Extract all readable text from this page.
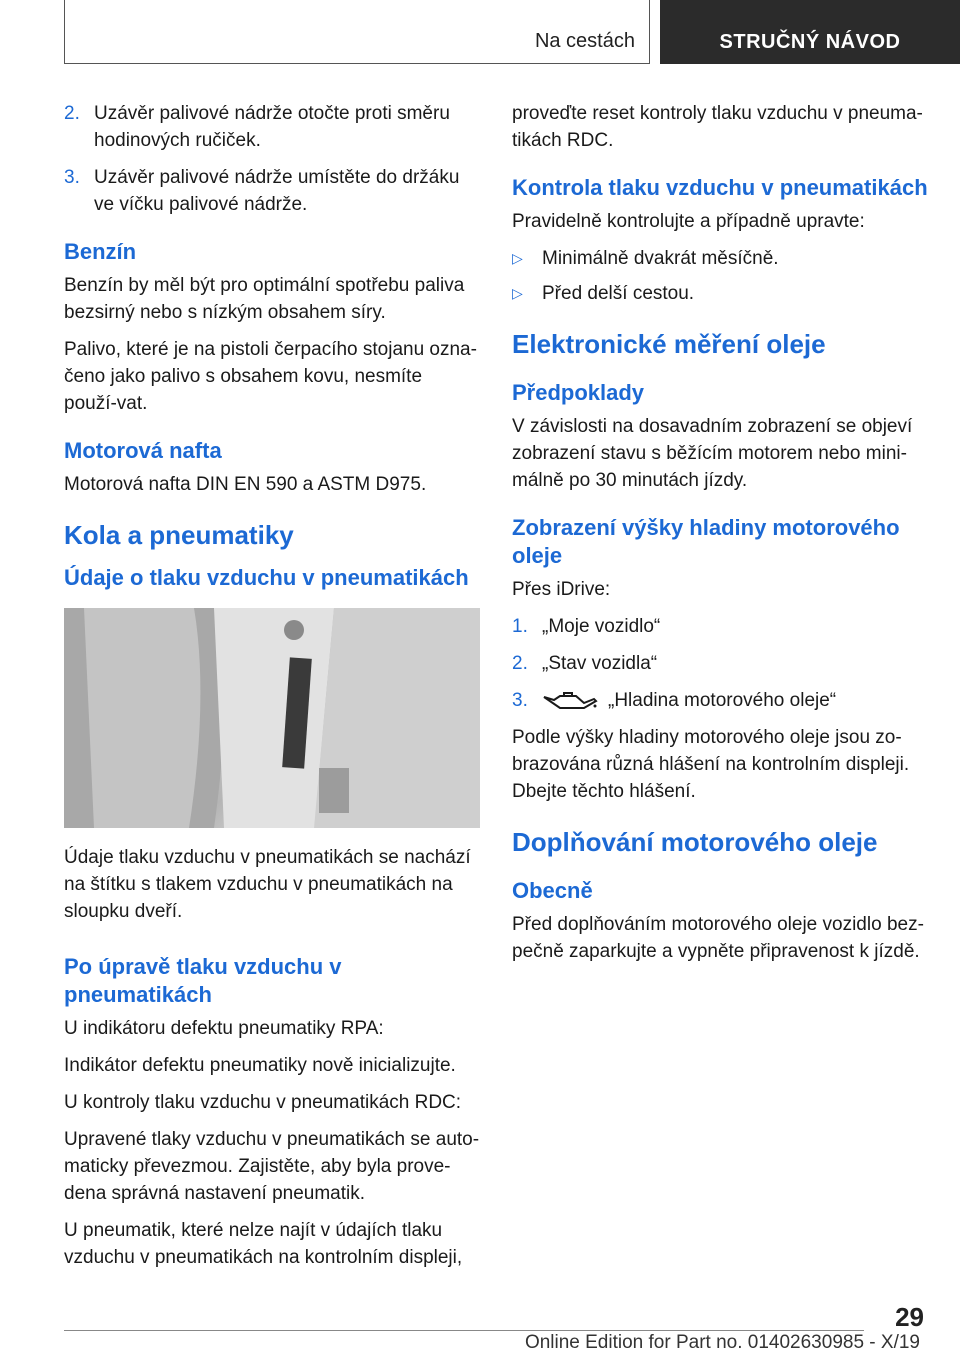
Na cestách	STRUČNÝ NÁVOD
2. Uzávěr palivové nádrže otočte proti směru hodinových ručiček.
3. Uzávěr palivové nádrže umístěte do držáku ve víčku palivové nádrže.
Benzín

Benzín by měl být pro optimální spotřebu paliva bezsirný nebo s nízkým obsahem síry.

Palivo, které je na pistoli čerpacího stojanu ozna‐čeno jako palivo s obsahem kovu, nesmíte použí‐vat.

Motorová nafta

Motorová nafta DIN EN 590 a ASTM D975.

Kola a pneumatiky
Údaje o tlaku vzduchu v pneumatikách

Údaje tlaku vzduchu v pneumatikách se nachází na štítku s tlakem vzduchu v pneumatikách na sloupku dveří.

Po úpravě tlaku vzduchu v pneumatikách

U indikátoru defektu pneumatiky RPA:

Indikátor defektu pneumatiky nově inicializujte.

U kontroly tlaku vzduchu v pneumatikách RDC:

Upravené tlaky vzduchu v pneumatikách se auto‐maticky převezmou. Zajistěte, aby byla prove‐dena správná nastavení pneumatik.

U pneumatik, které nelze najít v údajích tlaku vzduchu v pneumatikách na kontrolním displeji,

proveďte reset kontroly tlaku vzduchu v pneuma‐tikách RDC.

Kontrola tlaku vzduchu v pneumatikách

Pravidelně kontrolujte a případně upravte:

▷	Minimálně dvakrát měsíčně.
▷	Před delší cestou.
Elektronické měření oleje
Předpoklady

V závislosti na dosavadním zobrazení se objeví zobrazení stavu s běžícím motorem nebo mini‐málně po 30 minutách jízdy.

Zobrazení výšky hladiny motorového oleje

Přes iDrive:

1. „Moje vozidlo“
2. „Stav vozidla“
3.	„Hladina motorového oleje“

Podle výšky hladiny motorového oleje jsou zo‐brazována různá hlášení na kontrolním displeji. Dbejte těchto hlášení.

Doplňování motorového oleje
Obecně

Před doplňováním motorového oleje vozidlo bez‐pečně zaparkujte a vypněte připravenost k jízdě.

29
Online Edition for Part no. 01402630985 - X/19
